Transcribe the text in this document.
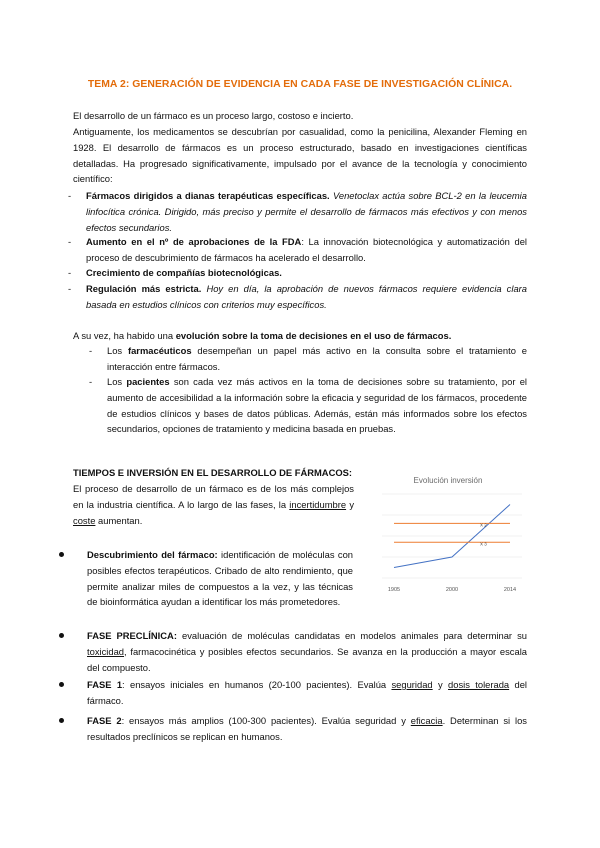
TEMA 2: GENERACIÓN DE EVIDENCIA EN CADA FASE DE INVESTIGACIÓN CLÍNICA.

El desarrollo de un fármaco es un proceso largo, costoso e incierto.

Antiguamente, los medicamentos se descubrían por casualidad, como la penicilina, Alexander Fleming en 1928. El desarrollo de fármacos es un proceso estructurado, basado en investigaciones científicas detalladas. Ha progresado significativamente, impulsado por el avance de la tecnología y conocimiento científico:

- Fármacos dirigidos a dianas terapéuticas específicas. Venetoclax actúa sobre BCL-2 en la leucemia linfocítica crónica. Dirigido, más preciso y permite el desarrollo de fármacos más efectivos y con menos efectos secundarios.
- Aumento en el nº de aprobaciones de la FDA: La innovación biotecnológica y automatización del proceso de descubrimiento de fármacos ha acelerado el desarrollo.
- Crecimiento de compañías biotecnológicas.
- Regulación más estricta. Hoy en día, la aprobación de nuevos fármacos requiere evidencia clara basada en estudios clínicos con criterios muy específicos.

A su vez, ha habido una evolución sobre la toma de decisiones en el uso de fármacos.

- Los farmacéuticos desempeñan un papel más activo en la consulta sobre el tratamiento e interacción entre fármacos.
- Los pacientes son cada vez más activos en la toma de decisiones sobre su tratamiento, por el aumento de accesibilidad a la información sobre la eficacia y seguridad de los fármacos, procedente de estudios clínicos y bases de datos públicas. Además, están más informados sobre los efectos secundarios, opciones de tratamiento y medicina basada en pruebas.

TIEMPOS E INVERSIÓN EN EL DESARROLLO DE FÁRMACOS:

El proceso de desarrollo de un fármaco es de los más complejos en la industria científica. A lo largo de las fases, la incertidumbre y coste aumentan.

Evolución inversión
1905	2000	2014
X 2
X 3
Descubrimiento del fármaco: identificación de moléculas con posibles efectos terapéuticos. Cribado de alto rendimiento, que permite analizar miles de compuestos a la vez, y las técnicas de bioinformática ayudan a identificar los más prometedores.
FASE PRECLÍNICA: evaluación de moléculas candidatas en modelos animales para determinar su toxicidad, farmacocinética y posibles efectos secundarios. Se avanza en la producción a mayor escala del compuesto.
FASE 1: ensayos iniciales en humanos (20-100 pacientes). Evalúa seguridad y dosis tolerada del fármaco.
FASE 2: ensayos más amplios (100-300 pacientes). Evalúa seguridad y eficacia. Determinan si los resultados preclínicos se replican en humanos.
